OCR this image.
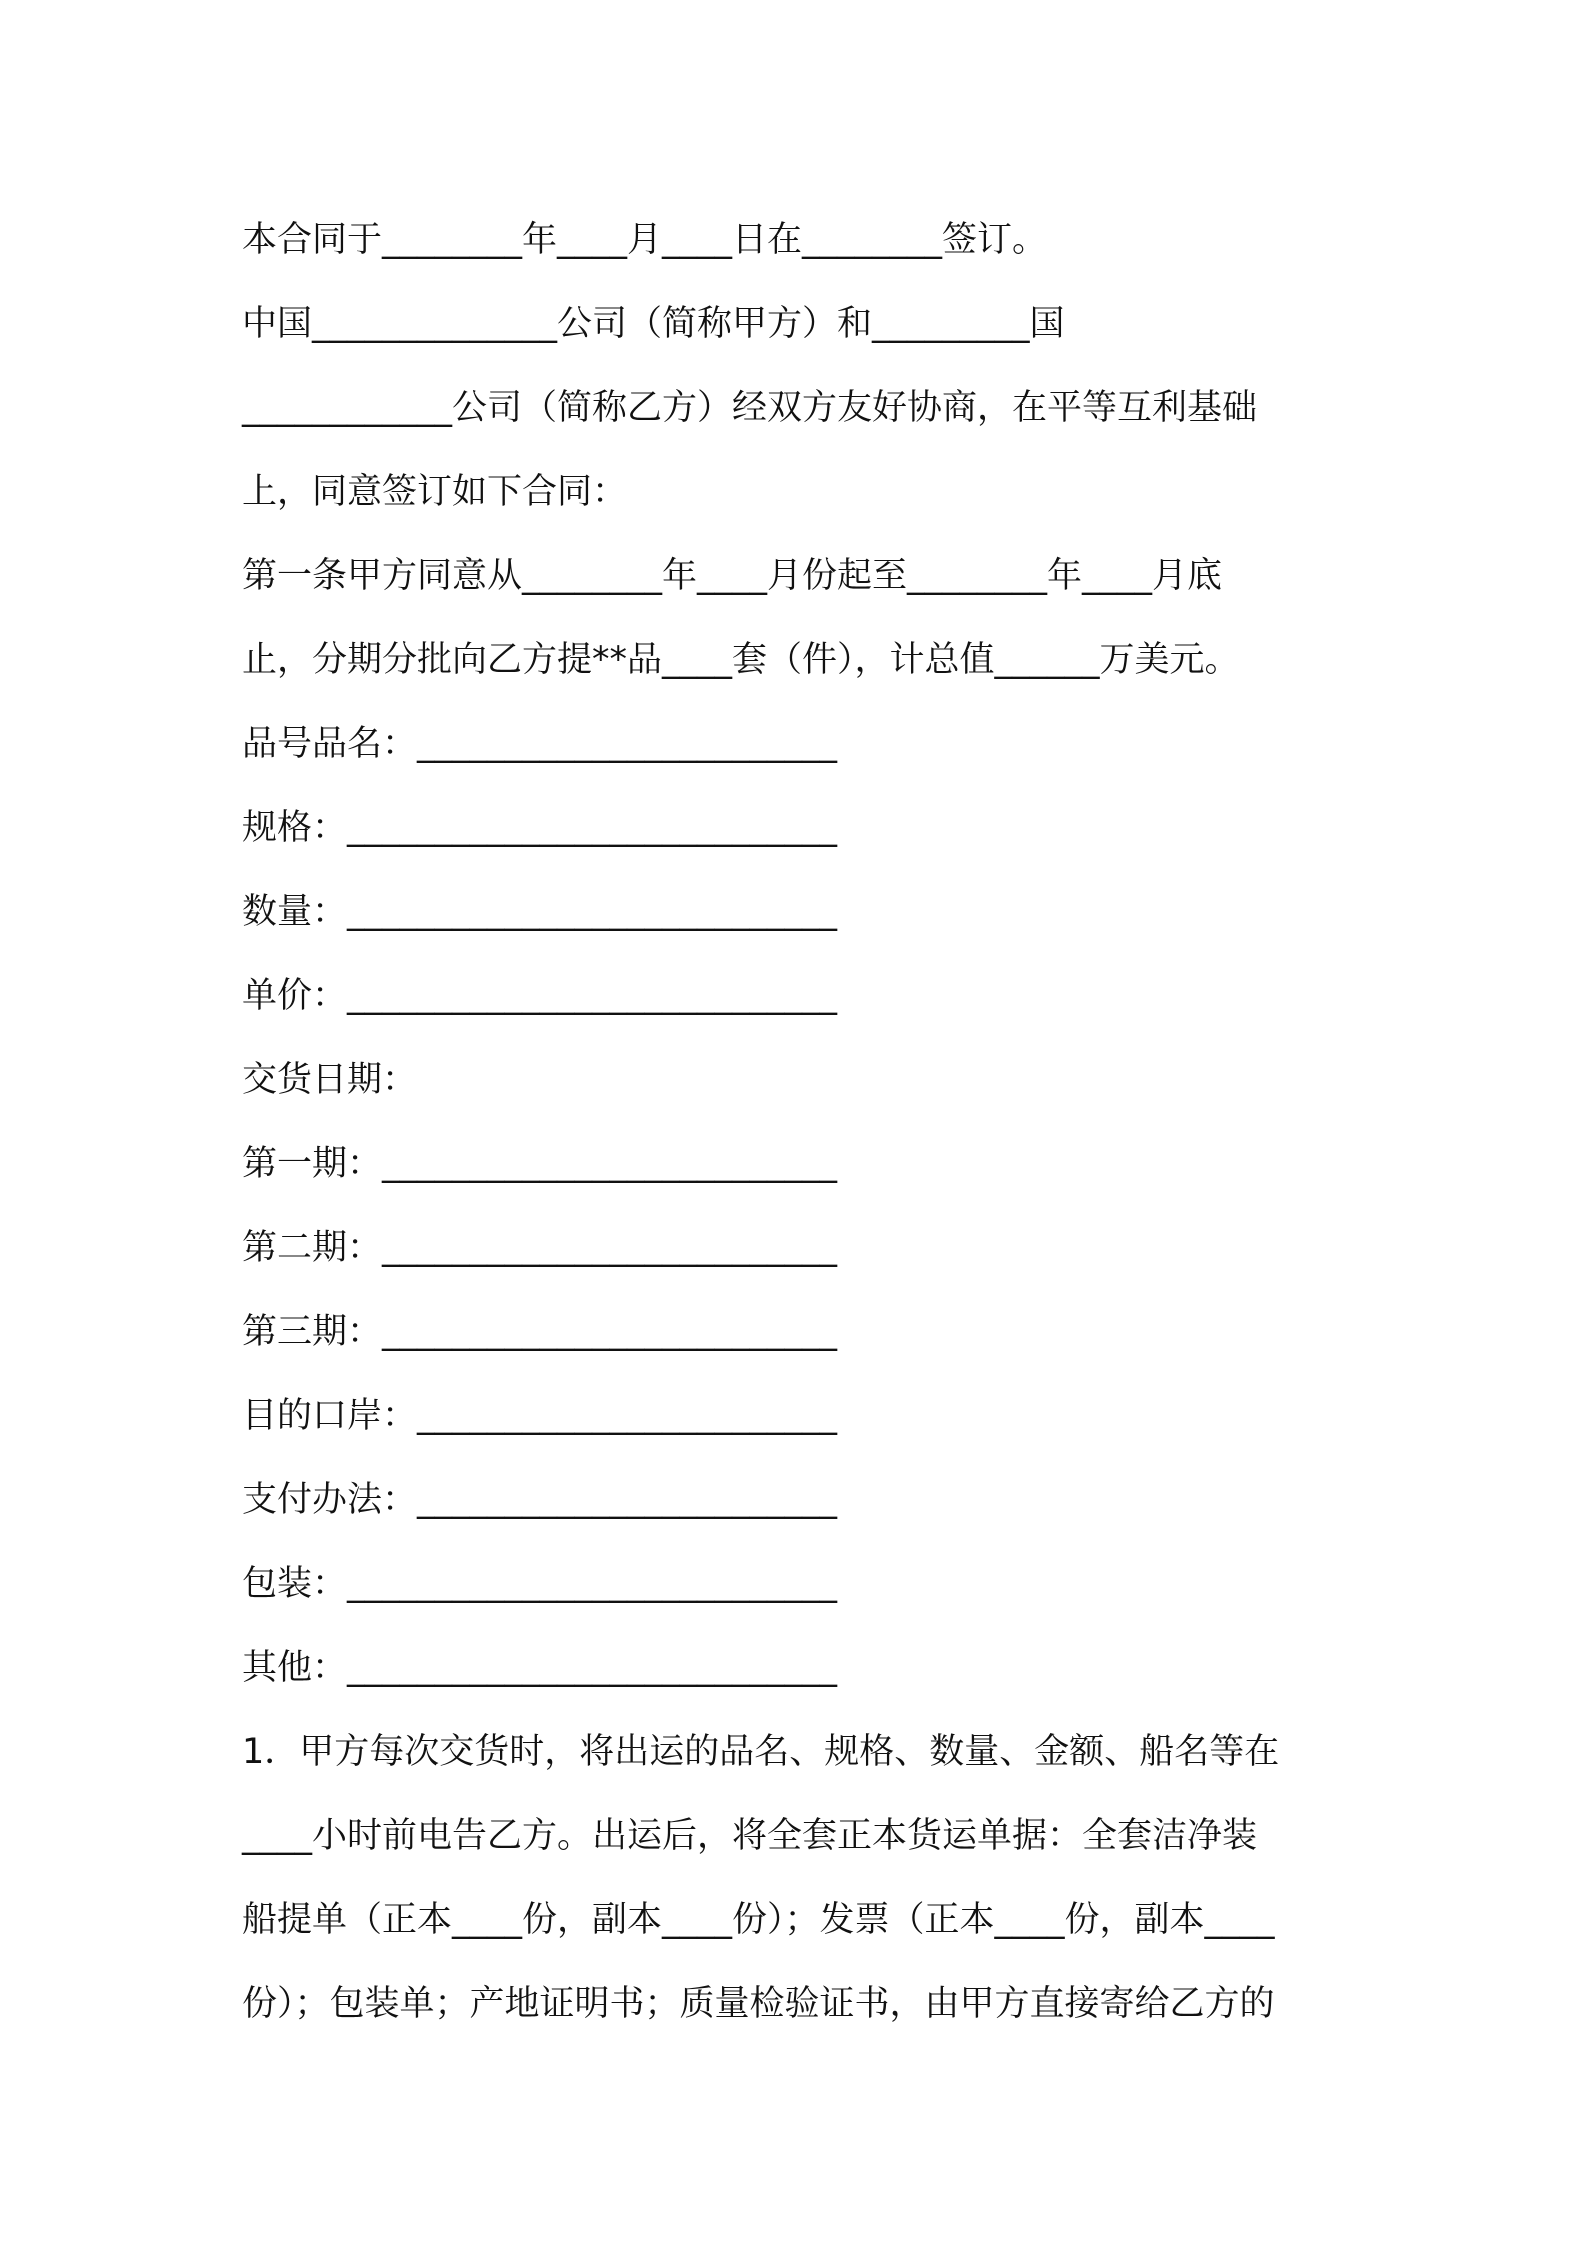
本合同于________年____月____日在________签订。
中国______________公司（简称甲方）和_________国
____________公司（简称乙方）经双方友好协商，在平等互利基础
上，同意签订如下合同：
第一条甲方同意从________年____月份起至________年____月底
止，分期分批向乙方提**品____套（件），计总值______万美元。
品号品名：________________________
规格：____________________________
数量：____________________________
单价：____________________________
交货日期：
第一期：__________________________
第二期：__________________________
第三期：__________________________
目的口岸：________________________
支付办法：________________________
包装：____________________________
其他：____________________________
1．甲方每次交货时，将出运的品名、规格、数量、金额、船名等在
____小时前电告乙方。出运后，将全套正本货运单据：全套洁净装
船提单（正本____份，副本____份）；发票（正本____份，副本____
份）；包装单；产地证明书；质量检验证书，由甲方直接寄给乙方的
